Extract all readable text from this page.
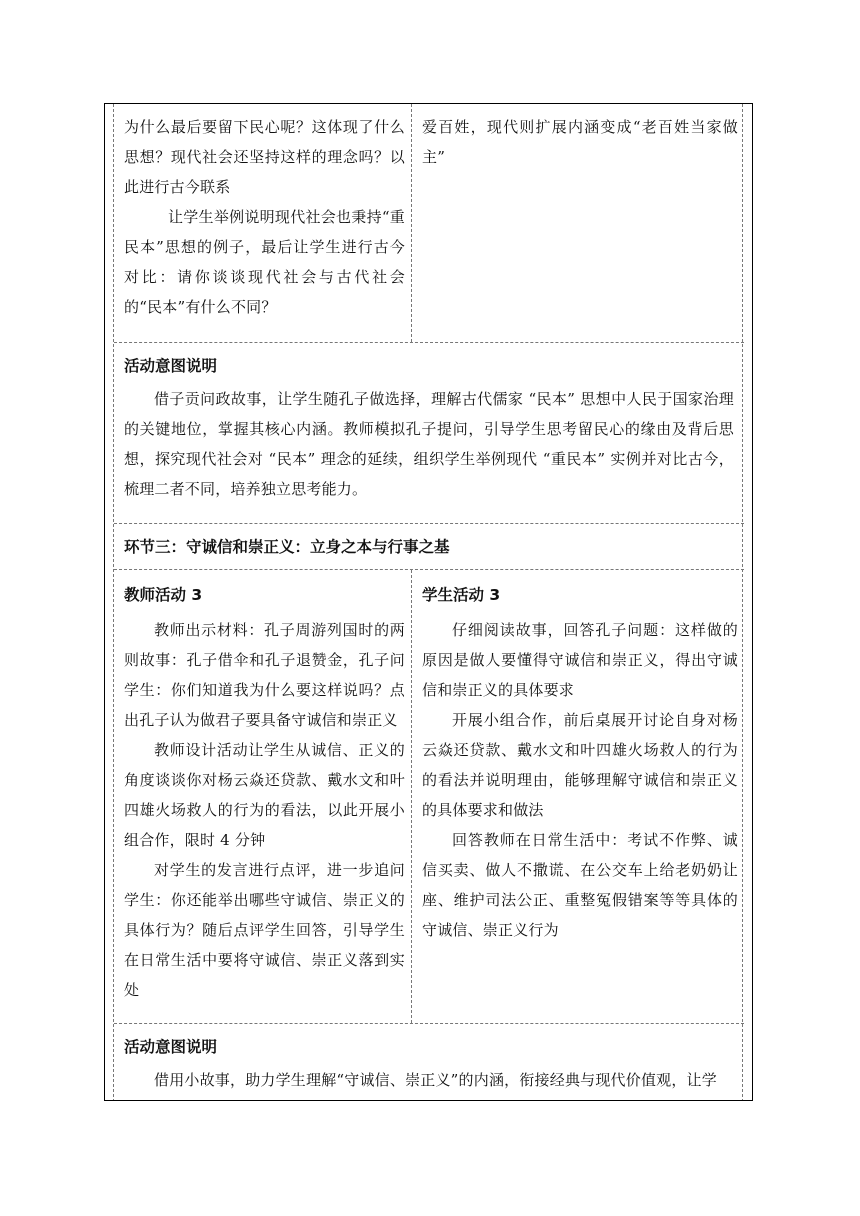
为什么最后要留下民心呢？这体现了什么思想？现代社会还坚持这样的理念吗？以此进行古今联系

让学生举例说明现代社会也秉持“重民本”思想的例子，最后让学生进行古今对比：请你谈谈现代社会与古代社会的“民本”有什么不同？

爱百姓，现代则扩展内涵变成“老百姓当家做主”

活动意图说明

借子贡问政故事，让学生随孔子做选择，理解古代儒家 “民本” 思想中人民于国家治理的关键地位，掌握其核心内涵。教师模拟孔子提问，引导学生思考留民心的缘由及背后思想，探究现代社会对 “民本” 理念的延续，组织学生举例现代 “重民本” 实例并对比古今，梳理二者不同，培养独立思考能力。

环节三：守诚信和崇正义：立身之本与行事之基
教师活动 3

教师出示材料：孔子周游列国时的两则故事：孔子借伞和孔子退赞金，孔子问学生：你们知道我为什么要这样说吗？点出孔子认为做君子要具备守诚信和崇正义

教师设计活动让学生从诚信、正义的角度谈谈你对杨云焱还贷款、戴水文和叶四雄火场救人的行为的看法，以此开展小组合作，限时 4 分钟

对学生的发言进行点评，进一步追问学生：你还能举出哪些守诚信、崇正义的具体行为？随后点评学生回答，引导学生在日常生活中要将守诚信、崇正义落到实处

学生活动 3

仔细阅读故事，回答孔子问题：这样做的原因是做人要懂得守诚信和崇正义，得出守诚信和崇正义的具体要求

开展小组合作，前后桌展开讨论自身对杨云焱还贷款、戴水文和叶四雄火场救人的行为的看法并说明理由，能够理解守诚信和崇正义的具体要求和做法

回答教师在日常生活中：考试不作弊、诚信买卖、做人不撒谎、在公交车上给老奶奶让座、维护司法公正、重整冤假错案等等具体的守诚信、崇正义行为

活动意图说明

借用小故事，助力学生理解“守诚信、崇正义”的内涵，衔接经典与现代价值观，让学
